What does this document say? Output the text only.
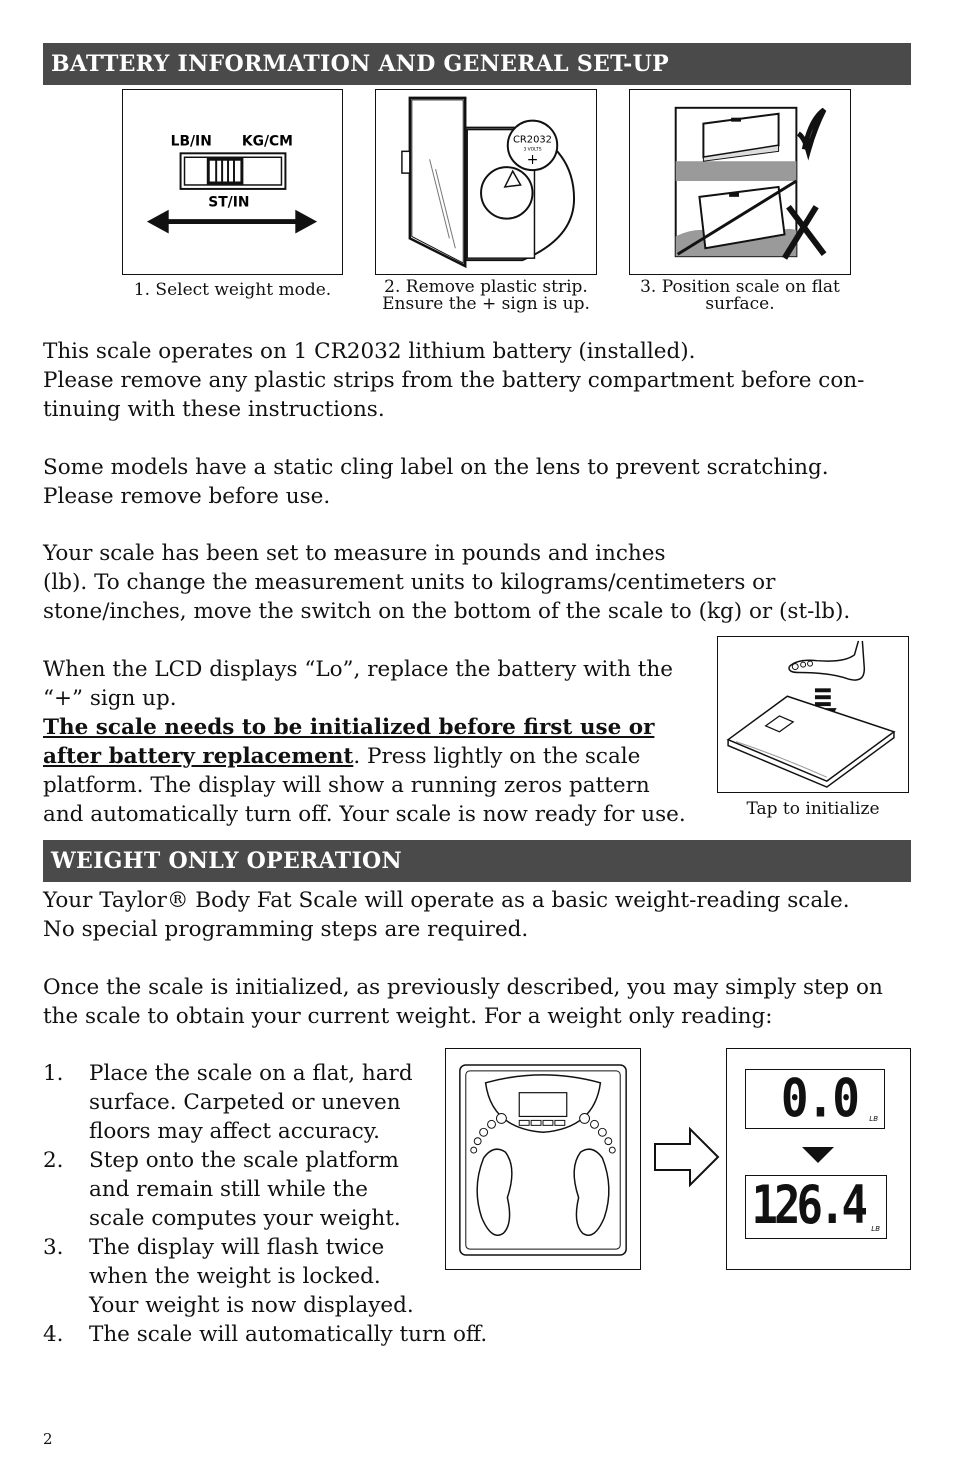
BATTERY INFORMATION AND GENERAL SET-UP
LB/IN KG/CM
ST/IN
1. Select weight mode.
CR2032
3 VOLTS
+
2. Remove plastic strip.
Ensure the + sign is up.
3. Position scale on flat
surface.

This scale operates on 1 CR2032 lithium battery (installed).
Please remove any plastic strips from the battery compartment before con-
tinuing with these instructions.

Some models have a static cling label on the lens to prevent scratching.
Please remove before use.

Your scale has been set to measure in pounds and inches
(lb). To change the measurement units to kilograms/centimeters or
stone/inches, move the switch on the bottom of the scale to (kg) or (st-lb).

When the LCD displays “Lo”, replace the battery with the
“+” sign up.
The scale needs to be initialized before first use or
after battery replacement. Press lightly on the scale
platform. The display will show a running zeros pattern
and automatically turn off. Your scale is now ready for use.	Tap to initialize
WEIGHT ONLY OPERATION

Your Taylor® Body Fat Scale will operate as a basic weight-reading scale.
No special programming steps are required.

Once the scale is initialized, as previously described, you may simply step on
the scale to obtain your current weight. For a weight only reading:

1. Place the scale on a flat, hard
surface. Carpeted or uneven
floors may affect accuracy.
2. Step onto the scale platform
and remain still while the
scale computes your weight.
3. The display will flash twice
when the weight is locked.
Your weight is now displayed.
4. The scale will automatically turn off.
0.0 LB
126.4 LB
2
